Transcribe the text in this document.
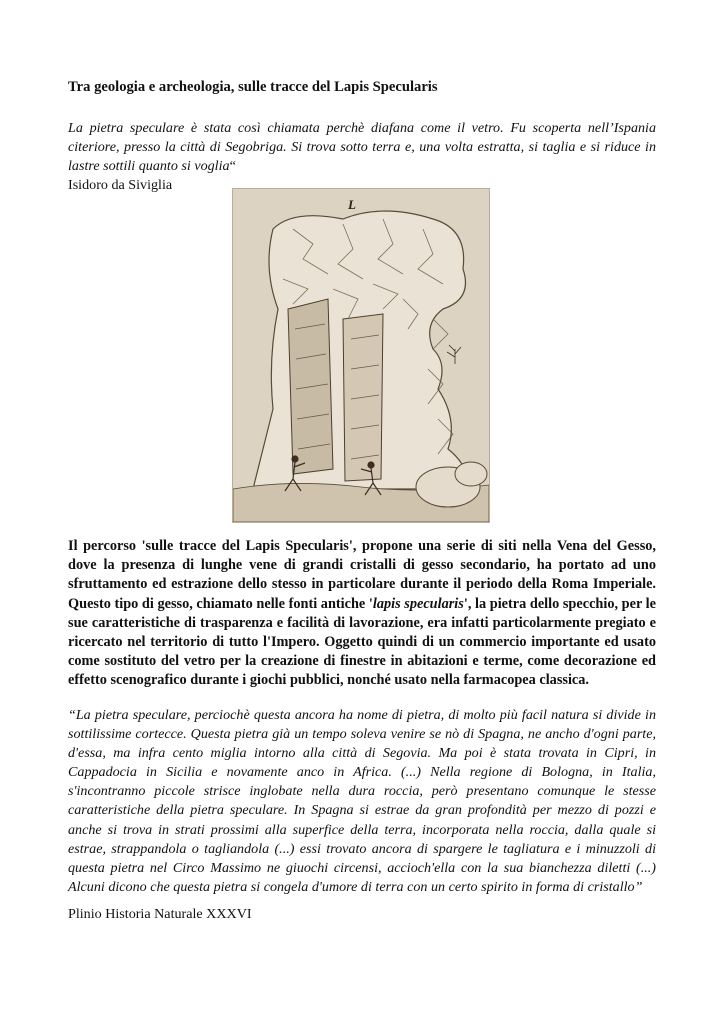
Tra geologia e archeologia, sulle tracce del Lapis Specularis

La pietra speculare è stata così chiamata perchè diafana come il vetro. Fu scoperta nell’Ispania citeriore, presso la città di Segobriga. Si trova sotto terra e, una volta estratta, si taglia e si riduce in lastre sottili quanto si voglia“

Isidoro da Siviglia

L

Il percorso 'sulle tracce del Lapis Specularis', propone una serie di siti nella Vena del Gesso, dove la presenza di lunghe vene di grandi cristalli di gesso secondario, ha portato ad uno sfruttamento ed estrazione dello stesso in particolare durante il periodo della Roma Imperiale. Questo tipo di gesso, chiamato nelle fonti antiche 'lapis specularis', la pietra dello specchio, per le sue caratteristiche di trasparenza e facilità di lavorazione, era infatti particolarmente pregiato e ricercato nel territorio di tutto l'Impero. Oggetto quindi di un commercio importante ed usato come sostituto del vetro per la creazione di finestre in abitazioni e terme, come decorazione ed effetto scenografico durante i giochi pubblici, nonché usato nella farmacopea classica.

“La pietra speculare, perciochè questa ancora ha nome di pietra, di molto più facil natura si divide in sottilissime cortecce. Questa pietra già un tempo soleva venire se nò di Spagna, ne ancho d'ogni parte, d'essa, ma infra cento miglia intorno alla città di Segovia. Ma poi è stata trovata in Cipri, in Cappadocia in Sicilia e novamente anco in Africa. (...) Nella regione di Bologna, in Italia, s'incontranno piccole strisce inglobate nella dura roccia, però presentano comunque le stesse caratteristiche della pietra speculare. In Spagna si estrae da gran profondità per mezzo di pozzi e anche si trova in strati prossimi alla superfice della terra, incorporata nella roccia, dalla quale si estrae, strappandola o tagliandola (...) essi trovato ancora di spargere le tagliatura e i minuzzoli di questa pietra nel Circo Massimo ne giuochi circensi, accioch'ella con la sua bianchezza diletti (...) Alcuni dicono che questa pietra si congela d'umore di terra con un certo spirito in forma di cristallo”

Plinio Historia Naturale XXXVI
